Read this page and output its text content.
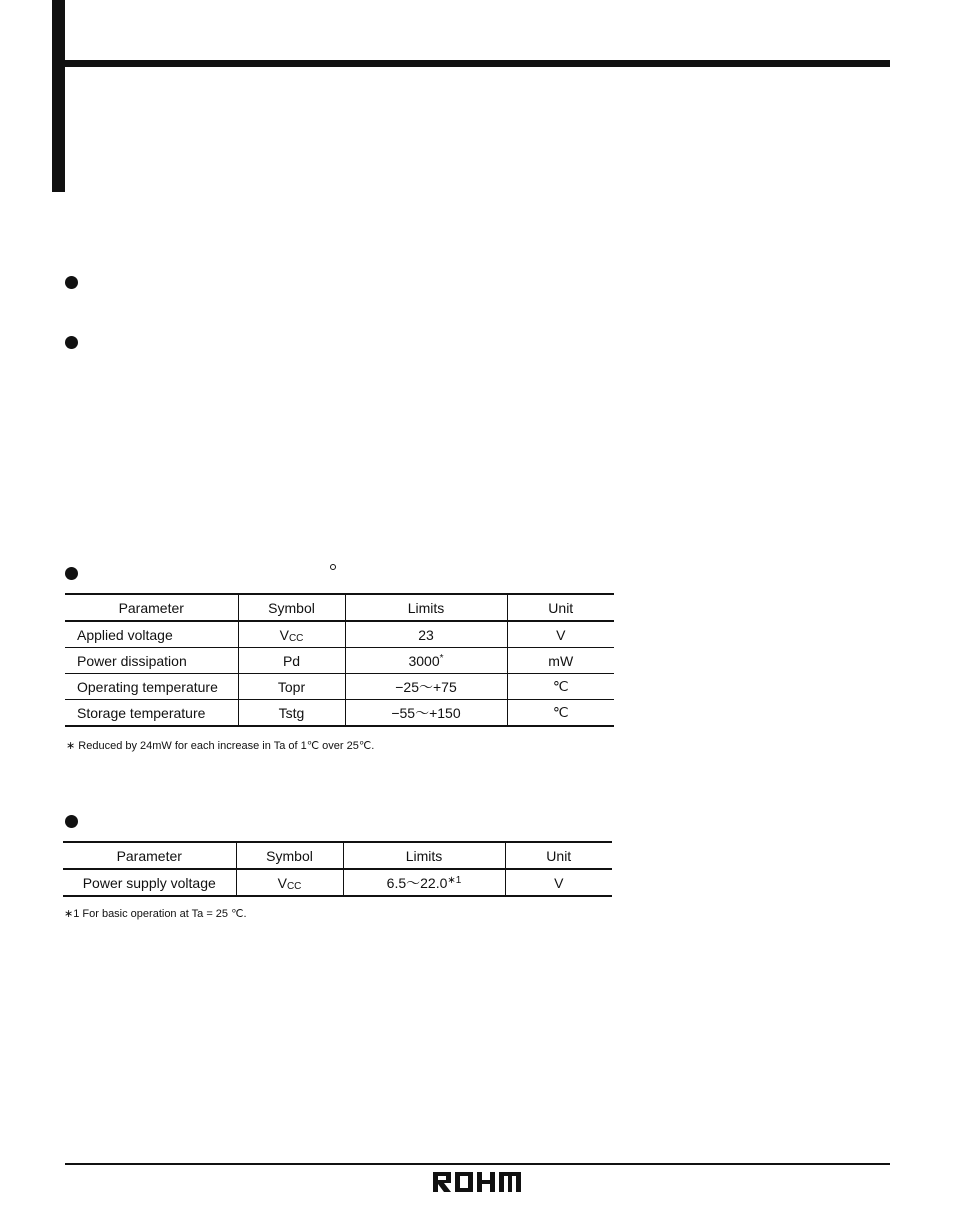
Parameter	Symbol	Limits	Unit
Applied voltage	VCC	23	V
Power dissipation	Pd	3000*	mW
Operating temperature	Topr	−25～+75	℃
Storage temperature	Tstg	−55～+150	℃
∗ Reduced by 24mW for each increase in Ta of 1℃ over 25℃.
Parameter	Symbol	Limits	Unit
Power supply voltage	VCC	$6.5\sim 22.0^{∗1}$	V
∗1 For basic operation at Ta = 25 ℃.
